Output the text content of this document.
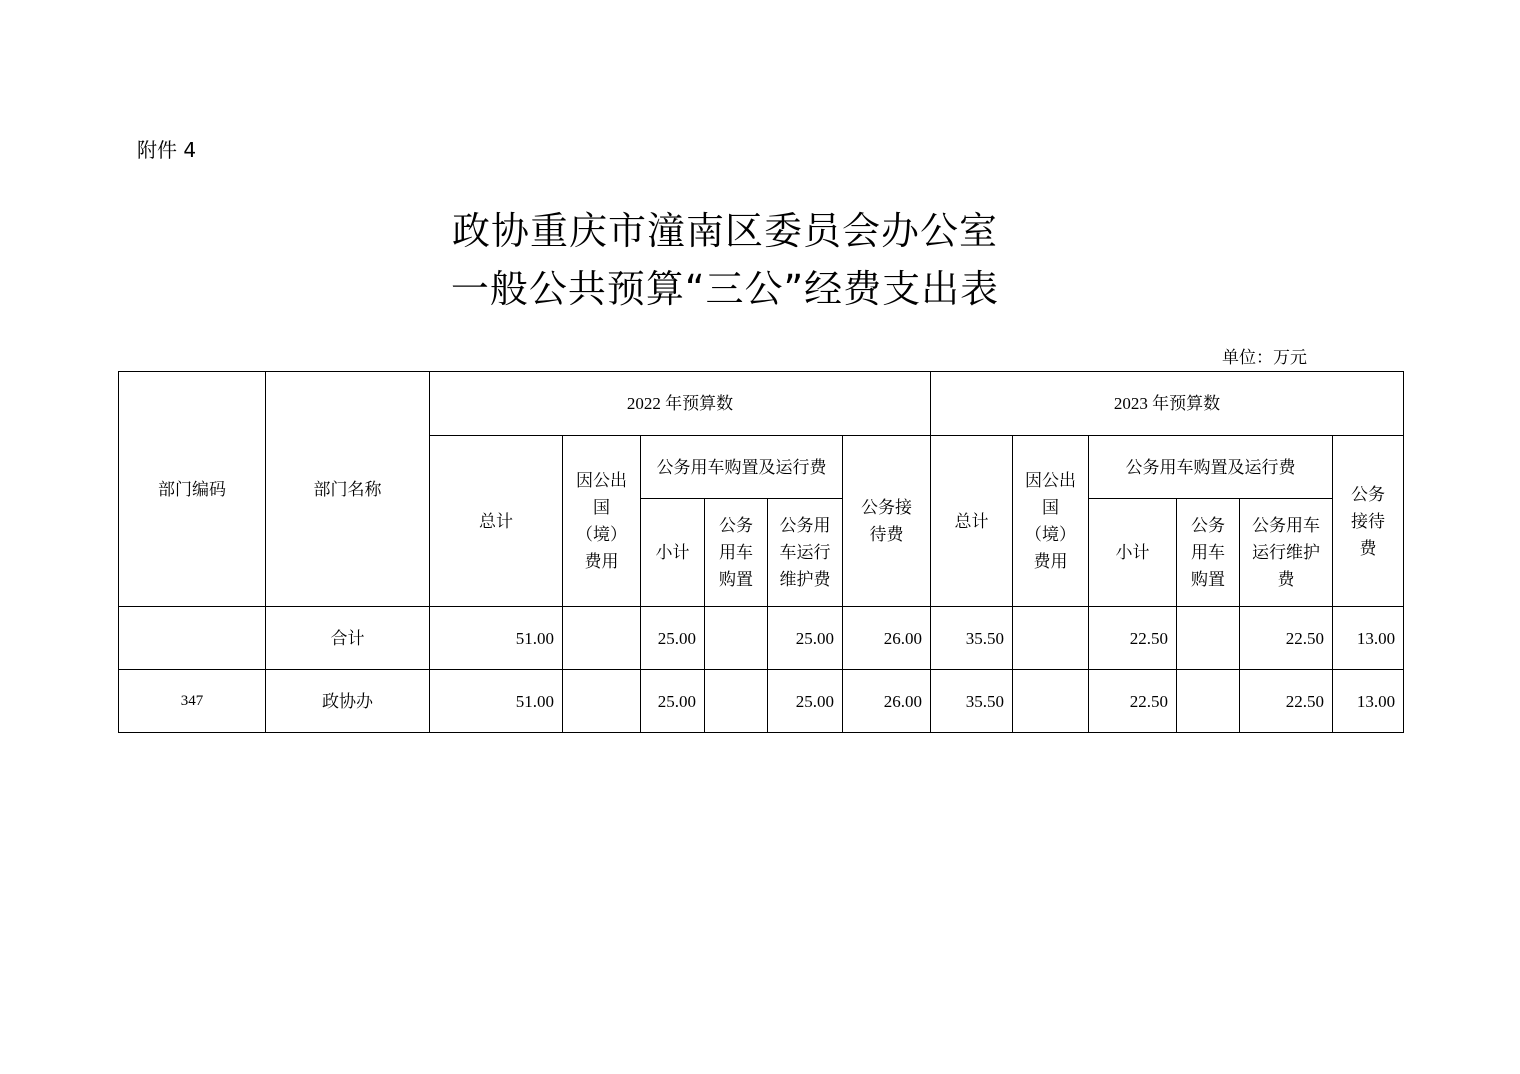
附件 4
政协重庆市潼南区委员会办公室
一般公共预算“三公”经费支出表
单位：万元
部门编码	部门名称	2022 年预算数						2023 年预算数					
		总计	因公出国（境）费用	公务用车购置及运行费			公务接待费	总计	因公出国（境）费用	公务用车购置及运行费			公务接待费
				小计	公务用车购置	公务用车运行维护费				小计	公务用车购置	公务用车运行维护费	
	合计	51.00		25.00		25.00	26.00	35.50		22.50		22.50	13.00
347	政协办	51.00		25.00		25.00	26.00	35.50		22.50		22.50	13.00
